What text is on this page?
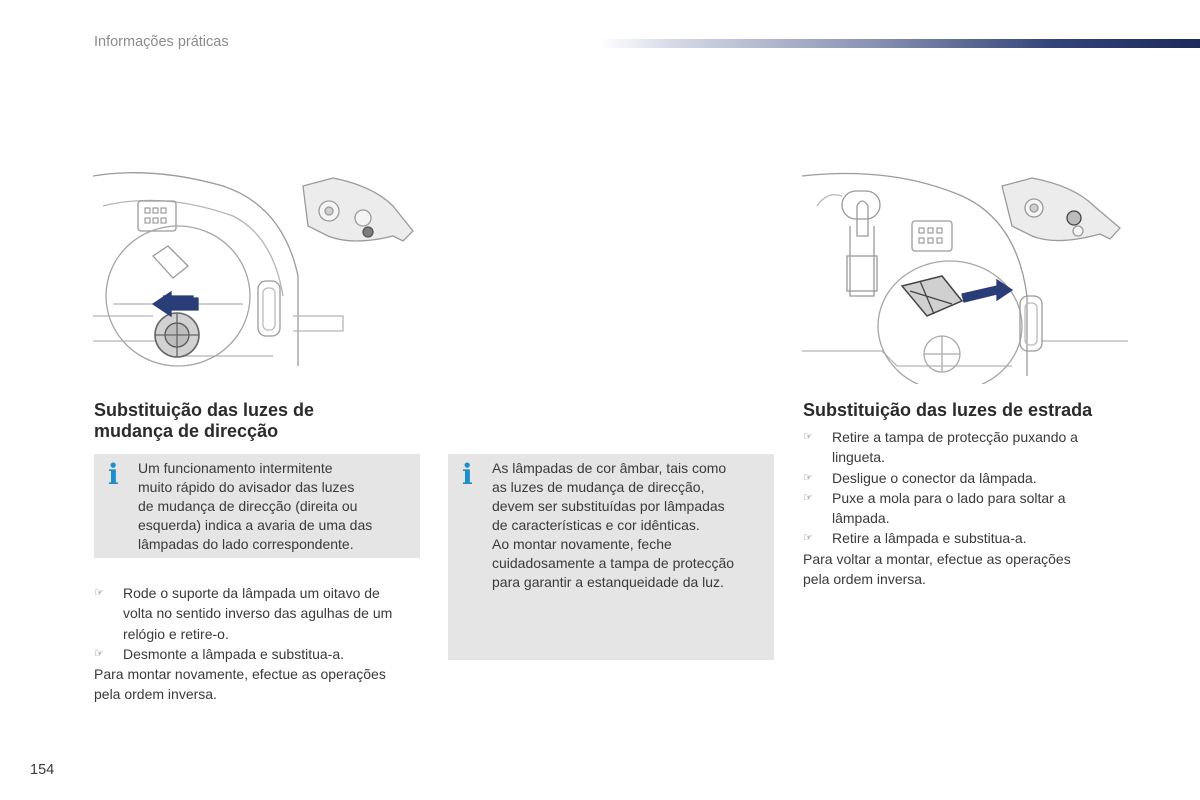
Informações práticas
Substituição das luzes de
mudança de direcção
i Um funcionamento intermitente
muito rápido do avisador das luzes
de mudança de direcção (direita ou
esquerda) indica a avaria de uma das
lâmpadas do lado correspondente.
☞ Rode o suporte da lâmpada um oitavo de
volta no sentido inverso das agulhas de um
relógio e retire-o.
☞ Desmonte a lâmpada e substitua-a.
Para montar novamente, efectue as operações
pela ordem inversa.
i As lâmpadas de cor âmbar, tais como
as luzes de mudança de direcção,
devem ser substituídas por lâmpadas
de características e cor idênticas.
Ao montar novamente, feche
cuidadosamente a tampa de protecção
para garantir a estanqueidade da luz.
Substituição das luzes de estrada
☞ Retire a tampa de protecção puxando a
lingueta.
☞ Desligue o conector da lâmpada.
☞ Puxe a mola para o lado para soltar a
lâmpada.
☞ Retire a lâmpada e substitua-a.
Para voltar a montar, efectue as operações
pela ordem inversa.
154
